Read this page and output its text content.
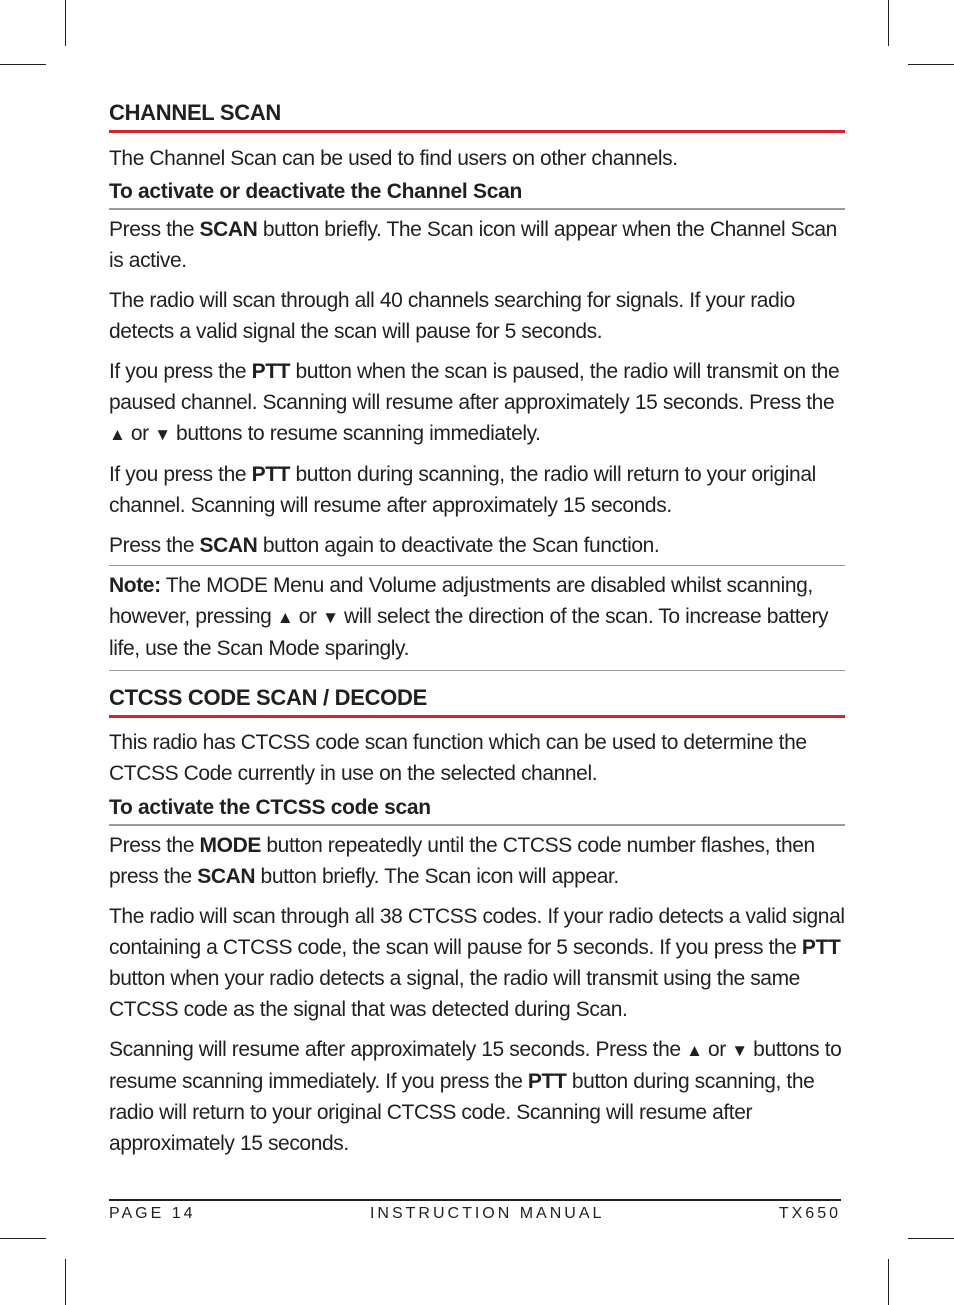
CHANNEL SCAN

The Channel Scan can be used to find users on other channels.

To activate or deactivate the Channel Scan

Press the SCAN button briefly. The Scan icon will appear when the Channel Scan is active.

The radio will scan through all 40 channels searching for signals. If your radio detects a valid signal the scan will pause for 5 seconds.

If you press the PTT button when the scan is paused, the radio will transmit on the paused channel. Scanning will resume after approximately 15 seconds. Press the ▲ or ▼ buttons to resume scanning immediately.

If you press the PTT button during scanning, the radio will return to your original channel. Scanning will resume after approximately 15 seconds.

Press the SCAN button again to deactivate the Scan function.

Note: The MODE Menu and Volume adjustments are disabled whilst scanning, however, pressing ▲ or ▼ will select the direction of the scan. To increase battery life, use the Scan Mode sparingly.

CTCSS CODE SCAN / DECODE

This radio has CTCSS code scan function which can be used to determine the CTCSS Code currently in use on the selected channel.

To activate the CTCSS code scan

Press the MODE button repeatedly until the CTCSS code number flashes, then press the SCAN button briefly. The Scan icon will appear.

The radio will scan through all 38 CTCSS codes. If your radio detects a valid signal containing a CTCSS code, the scan will pause for 5 seconds. If you press the PTT button when your radio detects a signal, the radio will transmit using the same CTCSS code as the signal that was detected during Scan.

Scanning will resume after approximately 15 seconds. Press the ▲ or ▼ buttons to resume scanning immediately. If you press the PTT button during scanning, the radio will return to your original CTCSS code. Scanning will resume after approximately 15 seconds.

PAGE 14	INSTRUCTION MANUAL	TX650
